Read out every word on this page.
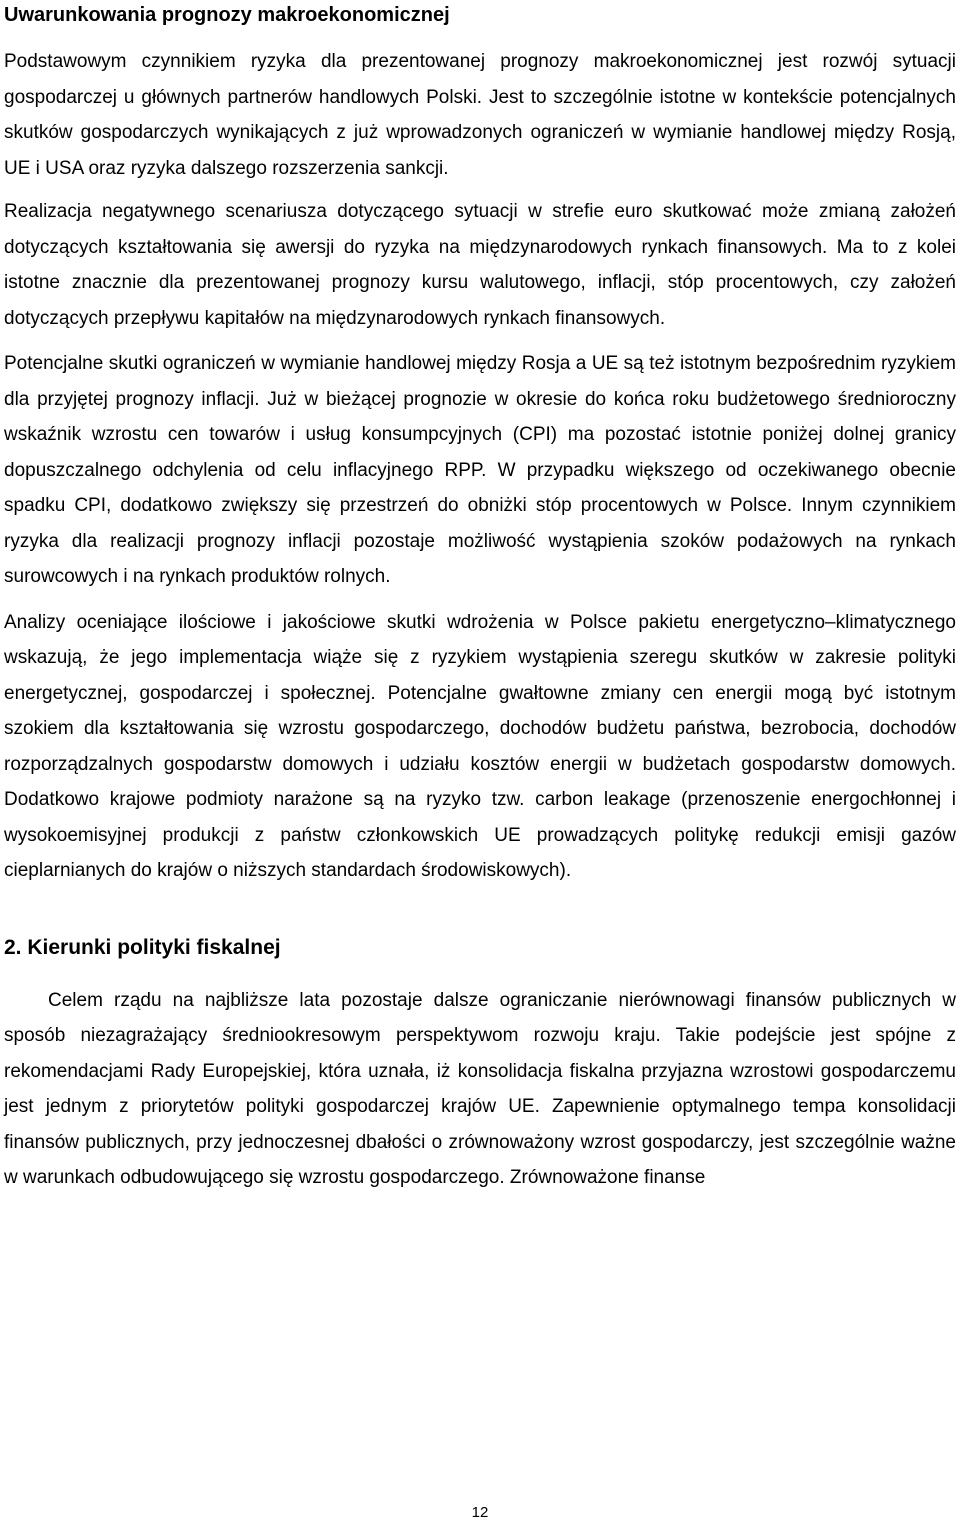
Uwarunkowania prognozy makroekonomicznej

Podstawowym czynnikiem ryzyka dla prezentowanej prognozy makroekonomicznej jest rozwój sytuacji gospodarczej u głównych partnerów handlowych Polski. Jest to szczególnie istotne w kontekście potencjalnych skutków gospodarczych wynikających z już wprowadzonych ograniczeń w wymianie handlowej między Rosją, UE i USA oraz ryzyka dalszego rozszerzenia sankcji.

Realizacja negatywnego scenariusza dotyczącego sytuacji w strefie euro skutkować może zmianą założeń dotyczących kształtowania się awersji do ryzyka na międzynarodowych rynkach finansowych. Ma to z kolei istotne znacznie dla prezentowanej prognozy kursu walutowego, inflacji, stóp procentowych, czy założeń dotyczących przepływu kapitałów na międzynarodowych rynkach finansowych.

Potencjalne skutki ograniczeń w wymianie handlowej między Rosja a UE są też istotnym bezpośrednim ryzykiem dla przyjętej prognozy inflacji. Już w bieżącej prognozie w okresie do końca roku budżetowego średnioroczny wskaźnik wzrostu cen towarów i usług konsumpcyjnych (CPI) ma pozostać istotnie poniżej dolnej granicy dopuszczalnego odchylenia od celu inflacyjnego RPP. W przypadku większego od oczekiwanego obecnie spadku CPI, dodatkowo zwiększy się przestrzeń do obniżki stóp procentowych w Polsce. Innym czynnikiem ryzyka dla realizacji prognozy inflacji pozostaje możliwość wystąpienia szoków podażowych na rynkach surowcowych i na rynkach produktów rolnych.

Analizy oceniające ilościowe i jakościowe skutki wdrożenia w Polsce pakietu energetyczno–klimatycznego wskazują, że jego implementacja wiąże się z ryzykiem wystąpienia szeregu skutków w zakresie polityki energetycznej, gospodarczej i społecznej. Potencjalne gwałtowne zmiany cen energii mogą być istotnym szokiem dla kształtowania się wzrostu gospodarczego, dochodów budżetu państwa, bezrobocia, dochodów rozporządzalnych gospodarstw domowych i udziału kosztów energii w budżetach gospodarstw domowych. Dodatkowo krajowe podmioty narażone są na ryzyko tzw. carbon leakage (przenoszenie energochłonnej i wysokoemisyjnej produkcji z państw członkowskich UE prowadzących politykę redukcji emisji gazów cieplarnianych do krajów o niższych standardach środowiskowych).

2. Kierunki polityki fiskalnej

Celem rządu na najbliższe lata pozostaje dalsze ograniczanie nierównowagi finansów publicznych w sposób niezagrażający średniookresowym perspektywom rozwoju kraju. Takie podejście jest spójne z rekomendacjami Rady Europejskiej, która uznała, iż konsolidacja fiskalna przyjazna wzrostowi gospodarczemu jest jednym z priorytetów polityki gospodarczej krajów UE. Zapewnienie optymalnego tempa konsolidacji finansów publicznych, przy jednoczesnej dbałości o zrównoważony wzrost gospodarczy, jest szczególnie ważne w warunkach odbudowującego się wzrostu gospodarczego. Zrównoważone finanse

12
